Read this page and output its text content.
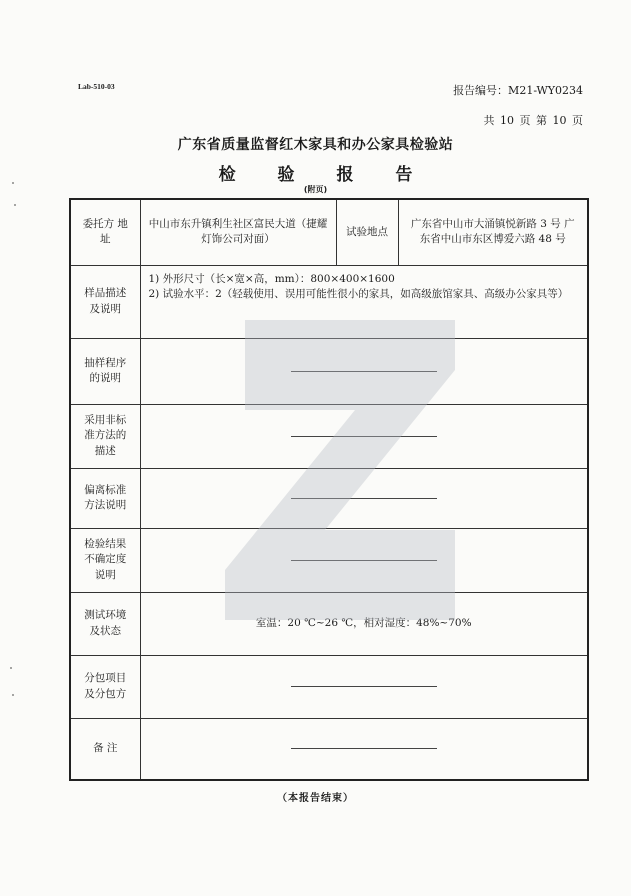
Lab-510-03	报告编号：M21-WY0234
共 10 页 第 10 页
广东省质量监督红木家具和办公家具检验站
检 验 报 告
(附页)
委托方 地 址	中山市东升镇利生社区富民大道（捷耀灯饰公司对面）	试验地点	广东省中山市大涌镇悦新路 3 号 广东省中山市东区博爱六路 48 号
样品描述 及说明	1) 外形尺寸（长×宽×高，mm）：800×400×1600
2) 试验水平：2（轻载使用、误用可能性很小的家具，如高级旅馆家具、高级办公家具等）		

抽样程序 的说明			

采用非标 准方法的 描述			

偏离标准 方法说明			

检验结果 不确定度 说明			

测试环境 及状态	室温：20 ℃~26 ℃，相对湿度：48%~70%		
分包项目 及分包方			

备 注			
（本报告结束）
